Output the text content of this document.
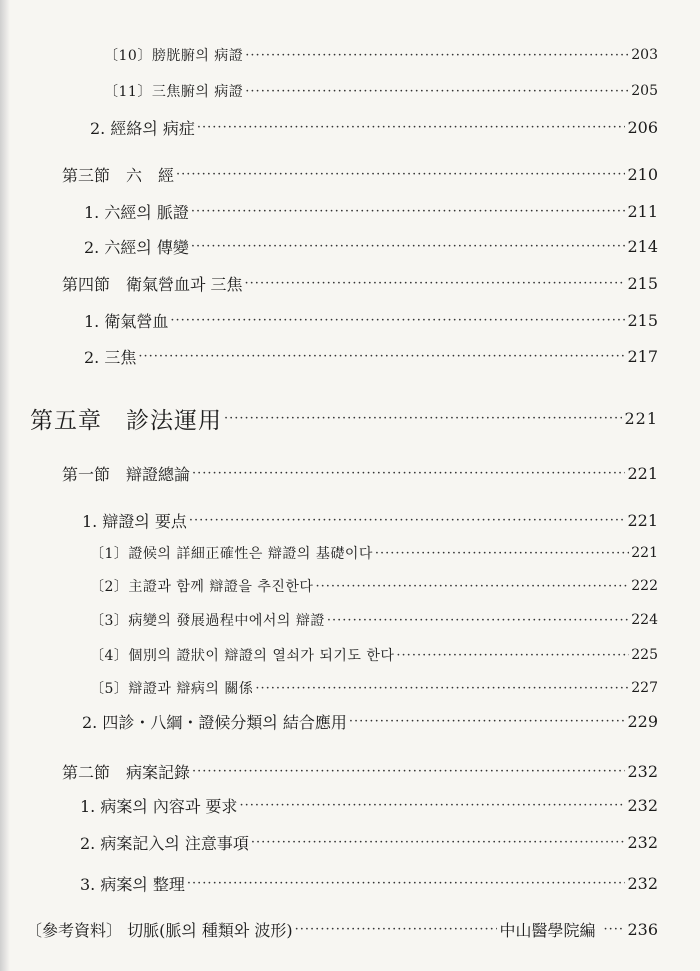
〔10〕膀胱腑의 病證 ·····	203
〔11〕三焦腑의 病證 ·····	205
2. 經絡의 病症 ·····	206
第三節　六　經 ·····	210
1. 六經의 脈證 ·····	211
2. 六經의 傳變 ·····	214
第四節　衛氣營血과 三焦 ·····	215
1. 衛氣營血 ·····	215
2. 三焦 ·····	217
第五章　診法運用 ·····	221
第一節　辯證總論 ·····	221
1. 辯證의 要点 ·····	221
〔1〕證候의 詳細正確性은 辯證의 基礎이다 ·····	221
〔2〕主證과 함께 辯證을 추진한다 ·····	222
〔3〕病變의 發展過程中에서의 辯證 ·····	224
〔4〕個別의 證狀이 辯證의 열쇠가 되기도 한다 ·····	225
〔5〕辯證과 辯病의 關係 ·····	227
2. 四診・八綱・證候分類의 結合應用 ·····	229
第二節　病案記錄 ·····	232
1. 病案의 內容과 要求 ·····	232
2. 病案記入의 注意事項 ·····	232
3. 病案의 整理 ·····	232
〔參考資料〕 切脈(脈의 種類와 波形) ·····	中山醫學院編 ····· 236
